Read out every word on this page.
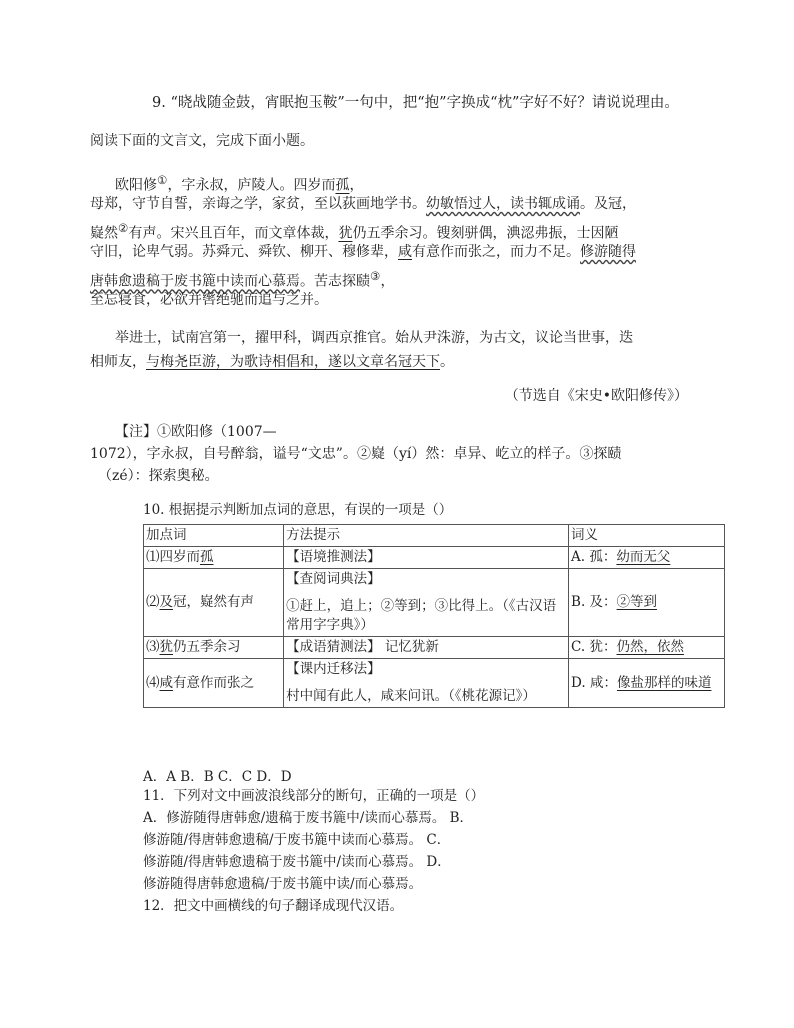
9. “晓战随金鼓，宵眠抱玉鞍”一句中，把“抱”字换成“枕”字好不好？请说说理由。
阅读下面的文言文，完成下面小题。
欧阳修①，字永叔，庐陵人。四岁而孤，
母郑，守节自誓，亲诲之学，家贫，至以荻画地学书。幼敏悟过人，读书辄成诵。及冠，
嶷然②有声。宋兴且百年，而文章体裁，犹仍五季余习。锼刻骈偶，淟涊弗振，士因陋
守旧，论卑气弱。苏舜元、舜钦、柳开、穆修辈，咸有意作而张之，而力不足。修游随得
唐韩愈遗稿于废书簏中读而心慕焉。苦志探赜③，
至忘寝食，必欲并辔绝驰而追与之并。
举进士，试南宫第一，擢甲科，调西京推官。始从尹洙游，为古文，议论当世事，迭
相师友，与梅尧臣游，为歌诗相倡和，遂以文章名冠天下。
（节选自《宋史•欧阳修传》）
【注】①欧阳修（1007—
1072），字永叔，自号醉翁，谥号“文忠”。②嶷（yí）然：卓异、屹立的样子。③探赜
（zé）：探索奥秘。
10. 根据提示判断加点词的意思，有误的一项是（）
加点词	方法提示	词义
⑴四岁而孤	【语境推测法】	A. 孤：幼而无父
⑵及冠，嶷然有声	【查阅词典法】
①赶上，追上；②等到；③比得上。（《古汉语常用字字典》）	B. 及：②等到
⑶犹仍五季余习	【成语猜测法】 记忆犹新	C. 犹：仍然，依然
⑷咸有意作而张之	【课内迁移法】
村中闻有此人，咸来问讯。（《桃花源记》）	D. 咸：像盐那样的味道
A．A B．B C．C D．D
11．下列对文中画波浪线部分的断句，正确的一项是（）
A．修游随得唐韩愈/遗稿于废书簏中/读而心慕焉。 B．
修游随/得唐韩愈遗稿/于废书簏中读而心慕焉。 C．
修游随/得唐韩愈遗稿于废书簏中/读而心慕焉。 D．
修游随得唐韩愈遗稿/于废书簏中读/而心慕焉。
12．把文中画横线的句子翻译成现代汉语。
